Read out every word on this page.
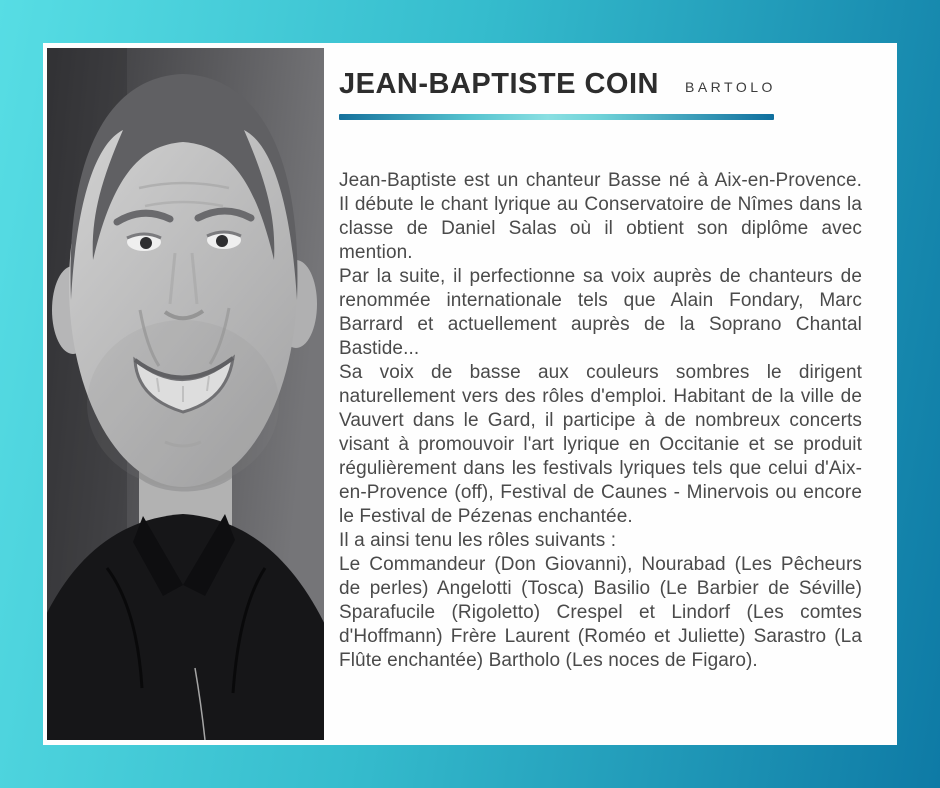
JEAN-BAPTISTE COIN BARTOLO

Jean-Baptiste est un chanteur Basse né à Aix-en-Provence. Il débute le chant lyrique au Conservatoire de Nîmes dans la classe de Daniel Salas où il obtient son diplôme avec mention.

Par la suite, il perfectionne sa voix auprès de chanteurs de renommée internationale tels que Alain Fondary, Marc Barrard et actuellement auprès de la Soprano Chantal Bastide...

Sa voix de basse aux couleurs sombres le dirigent naturellement vers des rôles d'emploi. Habitant de la ville de Vauvert dans le Gard, il participe à de nombreux concerts visant à promouvoir l'art lyrique en Occitanie et se produit régulièrement dans les festivals lyriques tels que celui d'Aix-en-Provence (off), Festival de Caunes - Minervois ou encore le Festival de Pézenas enchantée.

Il a ainsi tenu les rôles suivants :

Le Commandeur (Don Giovanni), Nourabad (Les Pêcheurs de perles) Angelotti (Tosca) Basilio (Le Barbier de Séville) Sparafucile (Rigoletto) Crespel et Lindorf (Les comtes d'Hoffmann) Frère Laurent (Roméo et Juliette) Sarastro (La Flûte enchantée) Bartholo (Les noces de Figaro).
